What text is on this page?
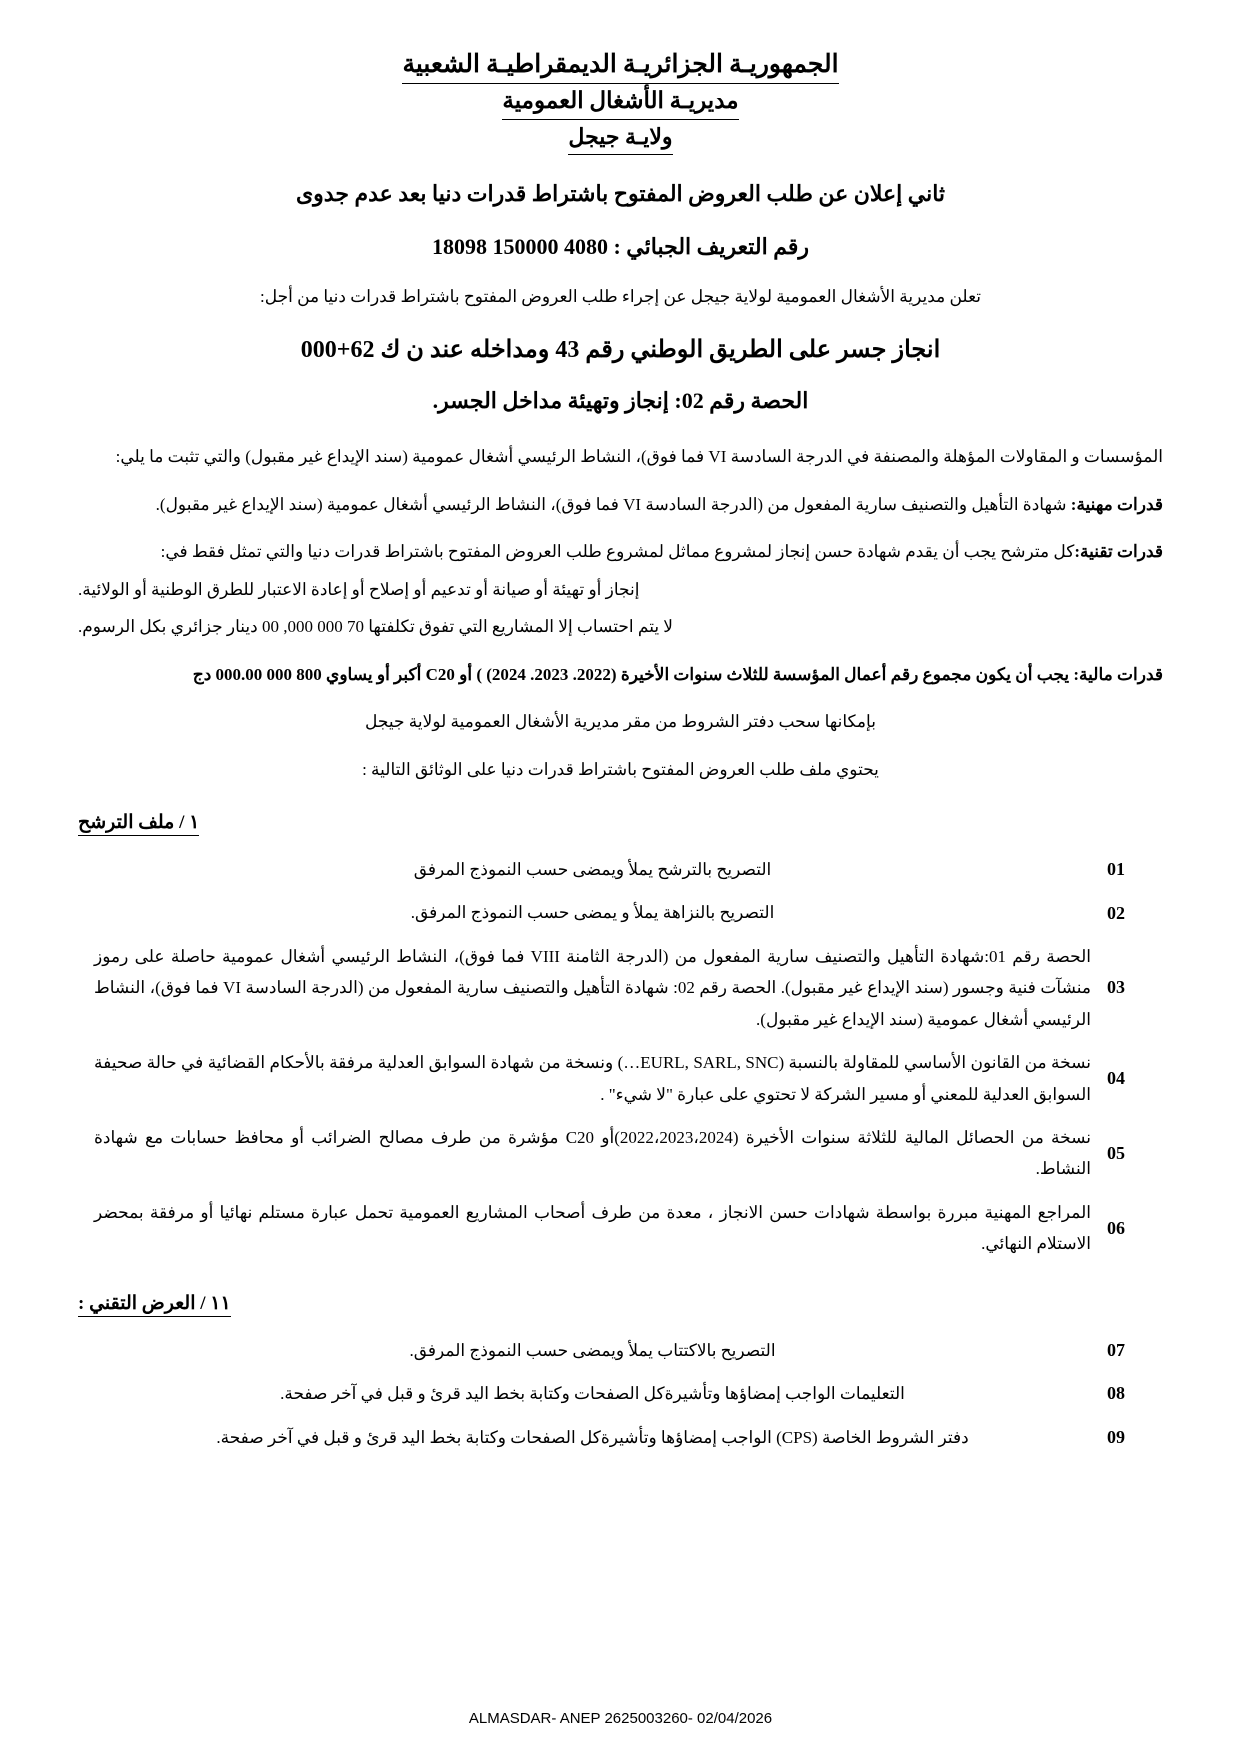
الجمهوريـة الجزائريـة الديمقراطيـة الشعبية
مديريـة الأشغال العمومية
ولايـة جيجل
ثاني إعلان عن طلب العروض المفتوح باشتراط قدرات دنيا بعد عدم جدوى
رقم التعريف الجبائي : 18098 150000 4080
تعلن مديرية الأشغال العمومية لولاية جيجل عن إجراء طلب العروض المفتوح باشتراط قدرات دنيا من أجل:
انجاز جسر على الطريق الوطني رقم 43 ومداخله عند ن ك 62+000
الحصة رقم 02: إنجاز وتهيئة مداخل الجسر.

المؤسسات و المقاولات المؤهلة والمصنفة في الدرجة السادسة VI فما فوق)، النشاط الرئيسي أشغال عمومية (سند الإيداع غير مقبول) والتي تثبت ما يلي:

قدرات مهنية: شهادة التأهيل والتصنيف سارية المفعول من (الدرجة السادسة VI فما فوق)، النشاط الرئيسي أشغال عمومية (سند الإيداع غير مقبول).

قدرات تقنية:كل مترشح يجب أن يقدم شهادة حسن إنجاز لمشروع مماثل لمشروع طلب العروض المفتوح باشتراط قدرات دنيا والتي تمثل فقط في:

إنجاز أو تهيئة أو صيانة أو تدعيم أو إصلاح أو إعادة الاعتبار للطرق الوطنية أو الولائية.

لا يتم احتساب إلا المشاريع التي تفوق تكلفتها 70 000 000, 00 دينار جزائري بكل الرسوم.

قدرات مالية: يجب أن يكون مجموع رقم أعمال المؤسسة للثلاث سنوات الأخيرة (2022. 2023. 2024) ) أو C20 أكبر أو يساوي 800 000 000.00 دج

بإمكانها سحب دفتر الشروط من مقر مديرية الأشغال العمومية لولاية جيجل

يحتوي ملف طلب العروض المفتوح باشتراط قدرات دنيا على الوثائق التالية :

١ / ملف الترشح
01	التصريح بالترشح يملأ ويمضى حسب النموذج المرفق
02	التصريح بالنزاهة يملأ و يمضى حسب النموذج المرفق.
03	الحصة رقم 01:شهادة التأهيل والتصنيف سارية المفعول من (الدرجة الثامنة VIII فما فوق)، النشاط الرئيسي أشغال عمومية حاصلة على رموز منشآت فنية وجسور (سند الإيداع غير مقبول). الحصة رقم 02: شهادة التأهيل والتصنيف سارية المفعول من (الدرجة السادسة VI فما فوق)، النشاط الرئيسي أشغال عمومية (سند الإيداع غير مقبول).
04	نسخة من القانون الأساسي للمقاولة بالنسبة (EURL, SARL, SNC…) ونسخة من شهادة السوابق العدلية مرفقة بالأحكام القضائية في حالة صحيفة السوابق العدلية للمعني أو مسير الشركة لا تحتوي على عبارة "لا شيء" .
05	نسخة من الحصائل المالية للثلاثة سنوات الأخيرة (2022،2023،2024)أو C20 مؤشرة من طرف مصالح الضرائب أو محافظ حسابات مع شهادة النشاط.
06	المراجع المهنية مبررة بواسطة شهادات حسن الانجاز ، معدة من طرف أصحاب المشاريع العمومية تحمل عبارة مستلم نهائيا أو مرفقة بمحضر الاستلام النهائي.
١١ / العرض التقني :
07	التصريح بالاكتتاب يملأ ويمضى حسب النموذج المرفق.
08	التعليمات الواجب إمضاؤها وتأشيرةكل الصفحات وكتابة بخط اليد قرئ و قبل في آخر صفحة.
09	دفتر الشروط الخاصة (CPS) الواجب إمضاؤها وتأشيرةكل الصفحات وكتابة بخط اليد قرئ و قبل في آخر صفحة.
ALMASDAR- ANEP 2625003260- 02/04/2026
